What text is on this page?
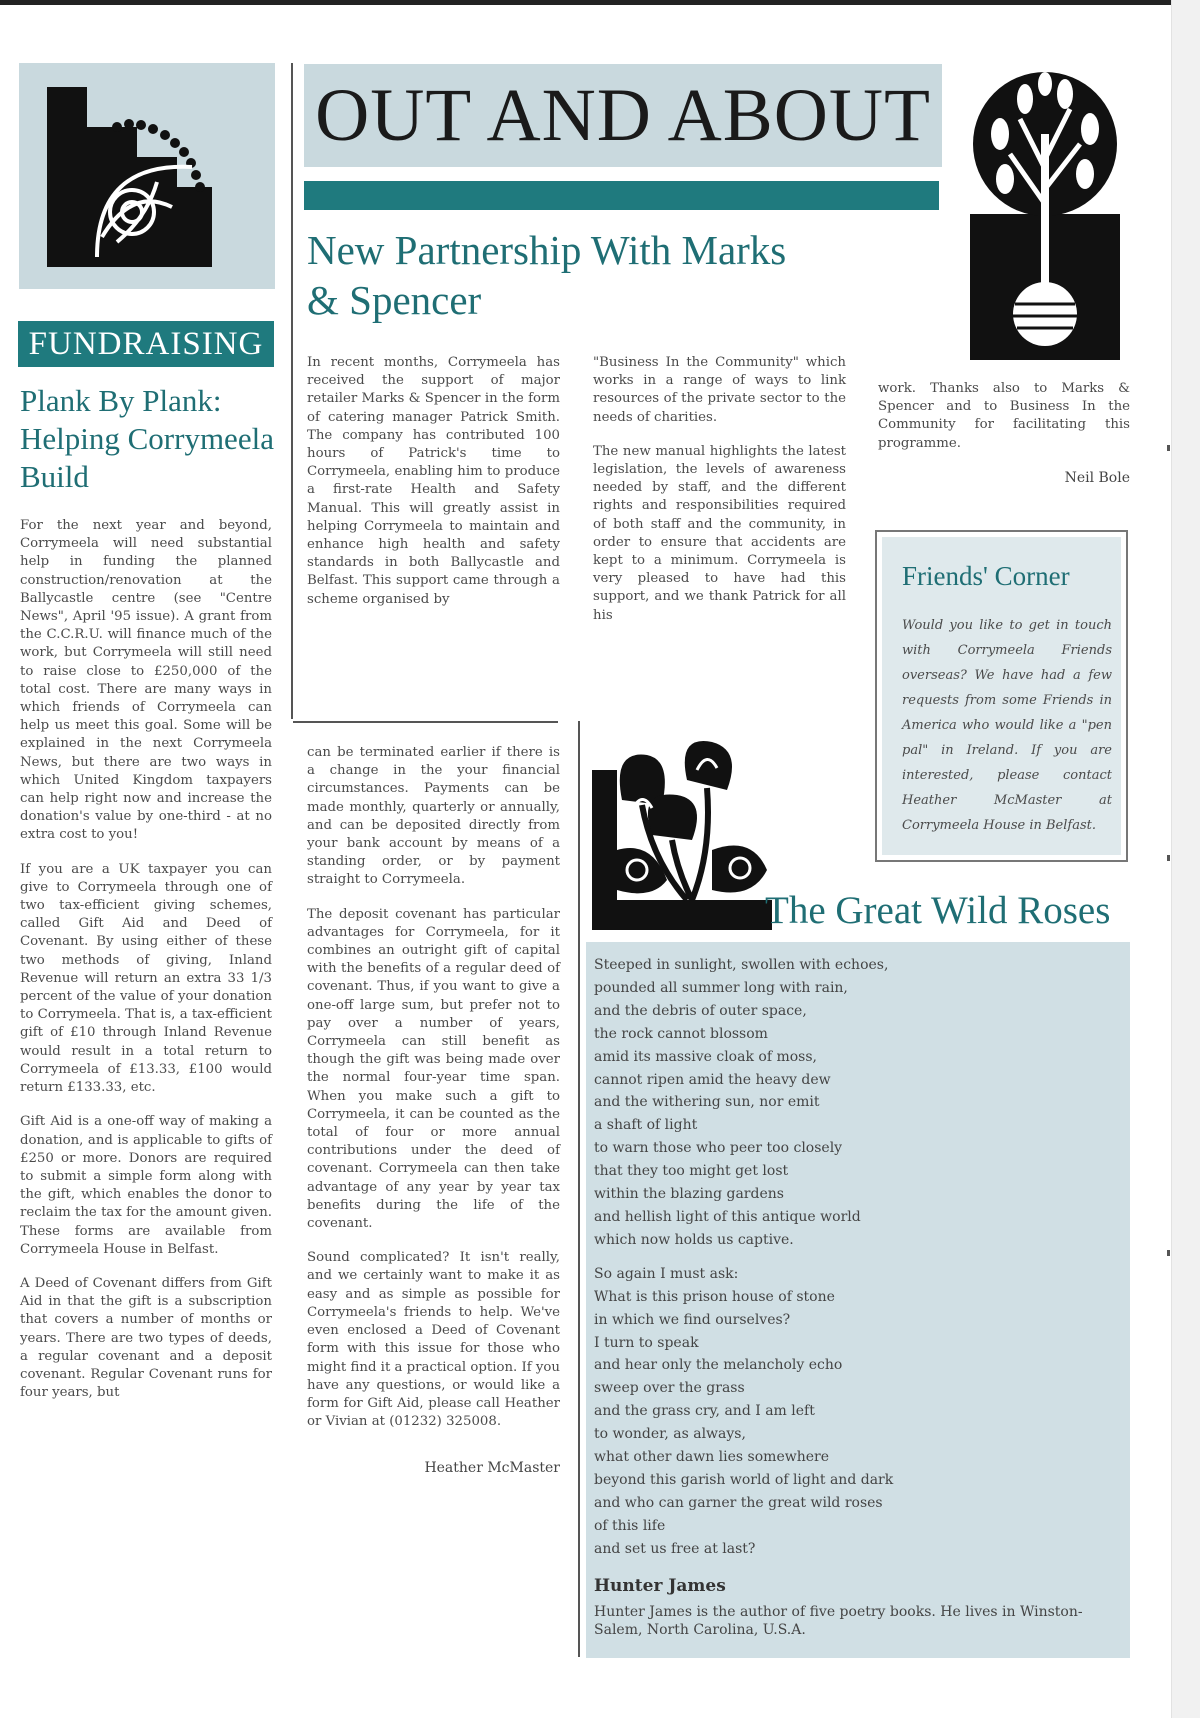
FUNDRAISING
Plank By Plank: Helping Corrymeela Build

For the next year and beyond, Corrymeela will need substantial help in funding the planned construction/renovation at the Ballycastle centre (see "Centre News", April '95 issue). A grant from the C.C.R.U. will finance much of the work, but Corrymeela will still need to raise close to £250,000 of the total cost. There are many ways in which friends of Corrymeela can help us meet this goal. Some will be explained in the next Corrymeela News, but there are two ways in which United Kingdom taxpayers can help right now and increase the donation's value by one-third - at no extra cost to you!

If you are a UK taxpayer you can give to Corrymeela through one of two tax-efficient giving schemes, called Gift Aid and Deed of Covenant. By using either of these two methods of giving, Inland Revenue will return an extra 33 1/3 percent of the value of your donation to Corrymeela. That is, a tax-efficient gift of £10 through Inland Revenue would result in a total return to Corrymeela of £13.33, £100 would return £133.33, etc.

Gift Aid is a one-off way of making a donation, and is applicable to gifts of £250 or more. Donors are required to submit a simple form along with the gift, which enables the donor to reclaim the tax for the amount given. These forms are available from Corrymeela House in Belfast.

A Deed of Covenant differs from Gift Aid in that the gift is a subscription that covers a number of months or years. There are two types of deeds, a regular covenant and a deposit covenant. Regular Covenant runs for four years, but

OUT AND ABOUT
New Partnership With Marks & Spencer

In recent months, Corrymeela has received the support of major retailer Marks & Spencer in the form of catering manager Patrick Smith. The company has contributed 100 hours of Patrick's time to Corrymeela, enabling him to produce a first-rate Health and Safety Manual. This will greatly assist in helping Corrymeela to maintain and enhance high health and safety standards in both Ballycastle and Belfast. This support came through a scheme organised by

"Business In the Community" which works in a range of ways to link resources of the private sector to the needs of charities.

The new manual highlights the latest legislation, the levels of awareness needed by staff, and the different rights and responsibilities required of both staff and the community, in order to ensure that accidents are kept to a minimum. Corrymeela is very pleased to have had this support, and we thank Patrick for all his

work. Thanks also to Marks & Spencer and to Business In the Community for facilitating this programme.

Neil Bole

can be terminated earlier if there is a change in the your financial circumstances. Payments can be made monthly, quarterly or annually, and can be deposited directly from your bank account by means of a standing order, or by payment straight to Corrymeela.

The deposit covenant has particular advantages for Corrymeela, for it combines an outright gift of capital with the benefits of a regular deed of covenant. Thus, if you want to give a one-off large sum, but prefer not to pay over a number of years, Corrymeela can still benefit as though the gift was being made over the normal four-year time span. When you make such a gift to Corrymeela, it can be counted as the total of four or more annual contributions under the deed of covenant. Corrymeela can then take advantage of any year by year tax benefits during the life of the covenant.

Sound complicated? It isn't really, and we certainly want to make it as easy and as simple as possible for Corrymeela's friends to help. We've even enclosed a Deed of Covenant form with this issue for those who might find it a practical option. If you have any questions, or would like a form for Gift Aid, please call Heather or Vivian at (01232) 325008.

Heather McMaster
Friends' Corner
Would you like to get in touch with Corrymeela Friends overseas? We have had a few requests from some Friends in America who would like a "pen pal" in Ireland. If you are interested, please contact Heather McMaster at Corrymeela House in Belfast.
The Great Wild Roses
Steeped in sunlight, swollen with echoes,
pounded all summer long with rain,
and the debris of outer space,
the rock cannot blossom
amid its massive cloak of moss,
cannot ripen amid the heavy dew
and the withering sun, nor emit
a shaft of light
to warn those who peer too closely
that they too might get lost
within the blazing gardens
and hellish light of this antique world
which now holds us captive.
So again I must ask:
What is this prison house of stone
in which we find ourselves?
I turn to speak
and hear only the melancholy echo
sweep over the grass
and the grass cry, and I am left
to wonder, as always,
what other dawn lies somewhere
beyond this garish world of light and dark
and who can garner the great wild roses
of this life
and set us free at last?
Hunter James
Hunter James is the author of five poetry books. He lives in Winston-Salem, North Carolina, U.S.A.
